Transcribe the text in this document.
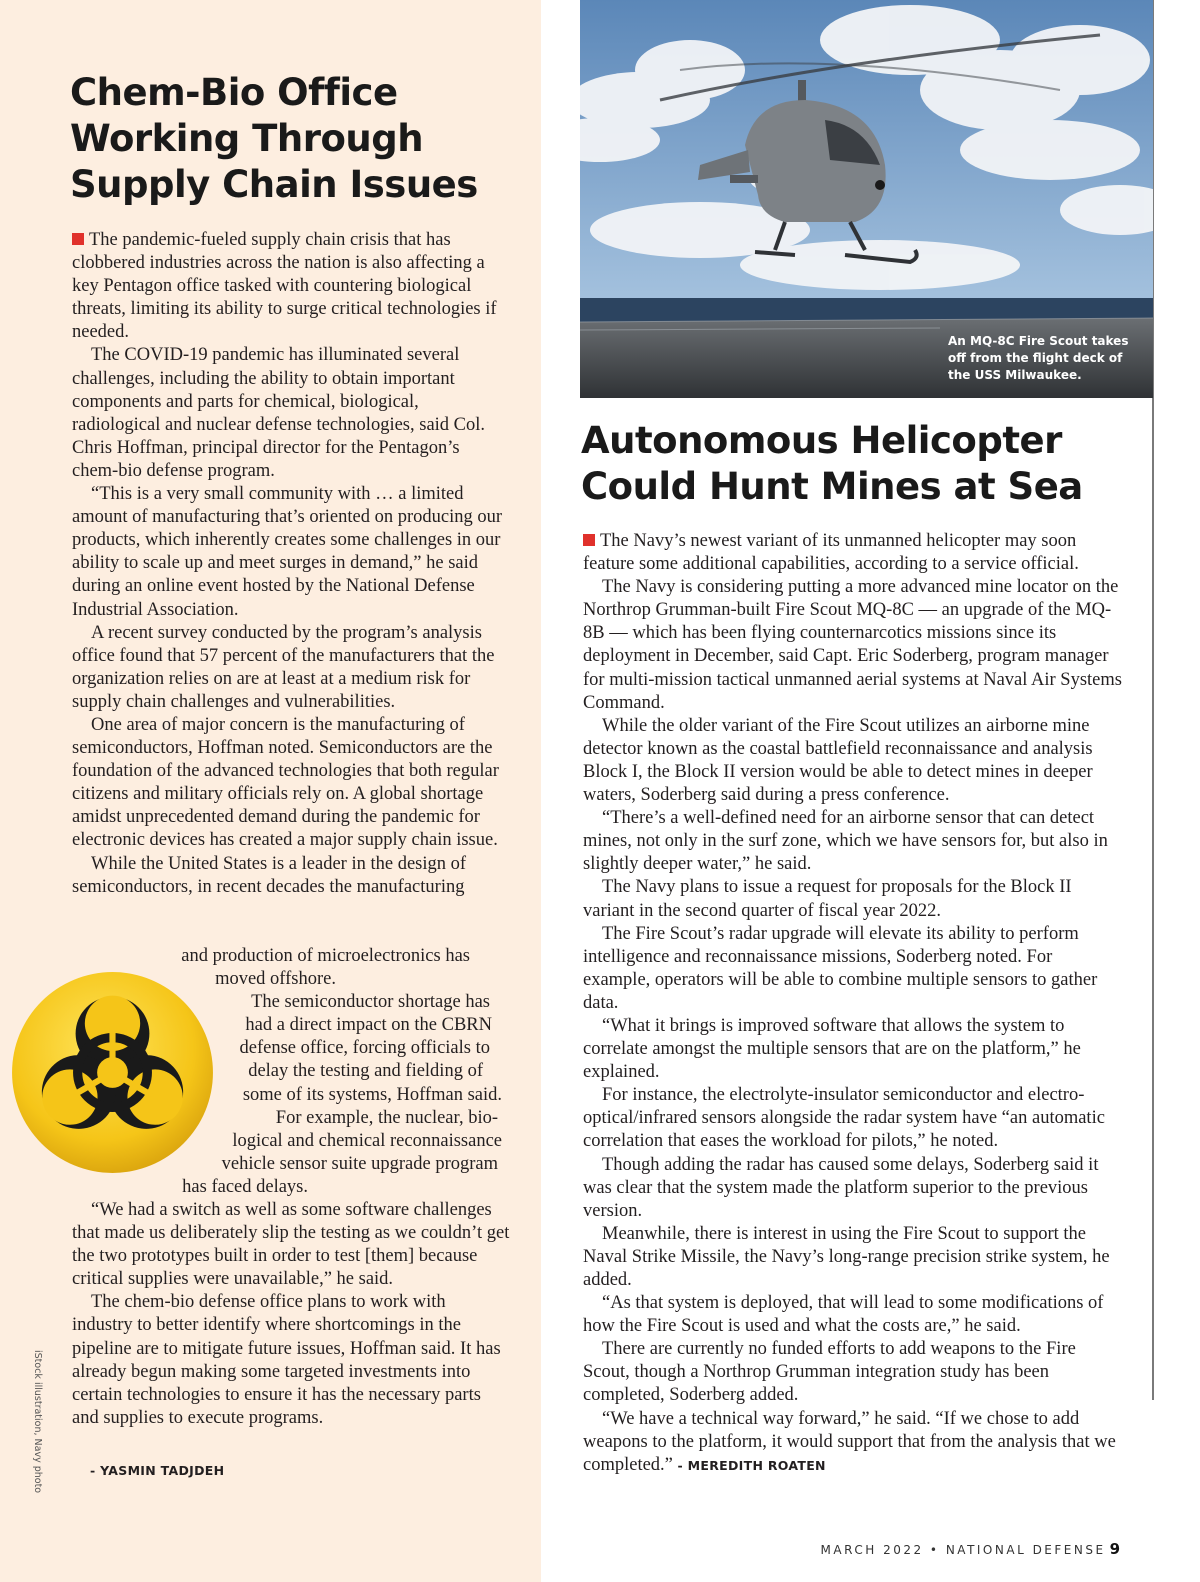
Chem-Bio Office Working Through Supply Chain Issues

The pandemic-fueled supply chain crisis that has clobbered industries across the nation is also affecting a key Pentagon office tasked with countering biological threats, limiting its ability to surge critical technologies if needed.

The COVID-19 pandemic has illuminated several challenges, including the ability to obtain important components and parts for chemical, biological, radiological and nuclear defense technologies, said Col. Chris Hoffman, principal director for the Pentagon’s chem-bio defense program.

“This is a very small community with … a limited amount of manufacturing that’s oriented on producing our products, which inherently creates some challenges in our ability to scale up and meet surges in demand,” he said during an online event hosted by the National Defense Industrial Association.

A recent survey conducted by the program’s analysis office found that 57 percent of the manufacturers that the organization relies on are at least at a medium risk for supply chain challenges and vulnerabilities.

One area of major concern is the manufacturing of semiconductors, Hoffman noted. Semiconductors are the foundation of the advanced technologies that both regular citizens and military officials rely on. A global shortage amidst unprecedented demand during the pandemic for electronic devices has created a major supply chain issue.

While the United States is a leader in the design of semiconductors, in recent decades the manufacturing

and production of microelectronics has

moved offshore.

The semiconductor shortage has

had a direct impact on the CBRN

defense office, forcing officials to

delay the testing and fielding of

some of its systems, Hoffman said.

For example, the nuclear, bio-

logical and chemical reconnaissance

vehicle sensor suite upgrade program

has faced delays.

“We had a switch as well as some software challenges that made us deliberately slip the testing as we couldn’t get the two prototypes built in order to test [them] because critical supplies were unavailable,” he said.

The chem-bio defense office plans to work with industry to better identify where shortcomings in the pipeline are to mitigate future issues, Hoffman said. It has already begun making some targeted investments into certain technologies to ensure it has the necessary parts and supplies to execute programs.

- YASMIN TADJDEH
An MQ-8C Fire Scout takes off from the flight deck of the USS Milwaukee.
Autonomous Helicopter Could Hunt Mines at Sea

The Navy’s newest variant of its unmanned helicopter may soon feature some additional capabilities, according to a service official.

The Navy is considering putting a more advanced mine locator on the Northrop Grumman-built Fire Scout MQ-8C — an upgrade of the MQ-8B — which has been flying counternarcotics missions since its deployment in December, said Capt. Eric Soderberg, program manager for multi-mission tactical unmanned aerial systems at Naval Air Systems Command.

While the older variant of the Fire Scout utilizes an airborne mine detector known as the coastal battlefield reconnaissance and analysis Block I, the Block II version would be able to detect mines in deeper waters, Soderberg said during a press conference.

“There’s a well-defined need for an airborne sensor that can detect mines, not only in the surf zone, which we have sensors for, but also in slightly deeper water,” he said.

The Navy plans to issue a request for proposals for the Block II variant in the second quarter of fiscal year 2022.

The Fire Scout’s radar upgrade will elevate its ability to perform intelligence and reconnaissance missions, Soderberg noted. For example, operators will be able to combine multiple sensors to gather data.

“What it brings is improved software that allows the system to correlate amongst the multiple sensors that are on the platform,” he explained.

For instance, the electrolyte-insulator semiconductor and electro-optical/infrared sensors alongside the radar system have “an automatic correlation that eases the workload for pilots,” he noted.

Though adding the radar has caused some delays, Soderberg said it was clear that the system made the platform superior to the previous version.

Meanwhile, there is interest in using the Fire Scout to support the Naval Strike Missile, the Navy’s long-range precision strike system, he added.

“As that system is deployed, that will lead to some modifications of how the Fire Scout is used and what the costs are,” he said.

There are currently no funded efforts to add weapons to the Fire Scout, though a Northrop Grumman integration study has been completed, Soderberg added.

“We have a technical way forward,” he said. “If we chose to add weapons to the platform, it would support that from the analysis that we completed.” - MEREDITH ROATEN

iStock illustration, Navy photo
MARCH 2022 • NATIONAL DEFENSE 9
